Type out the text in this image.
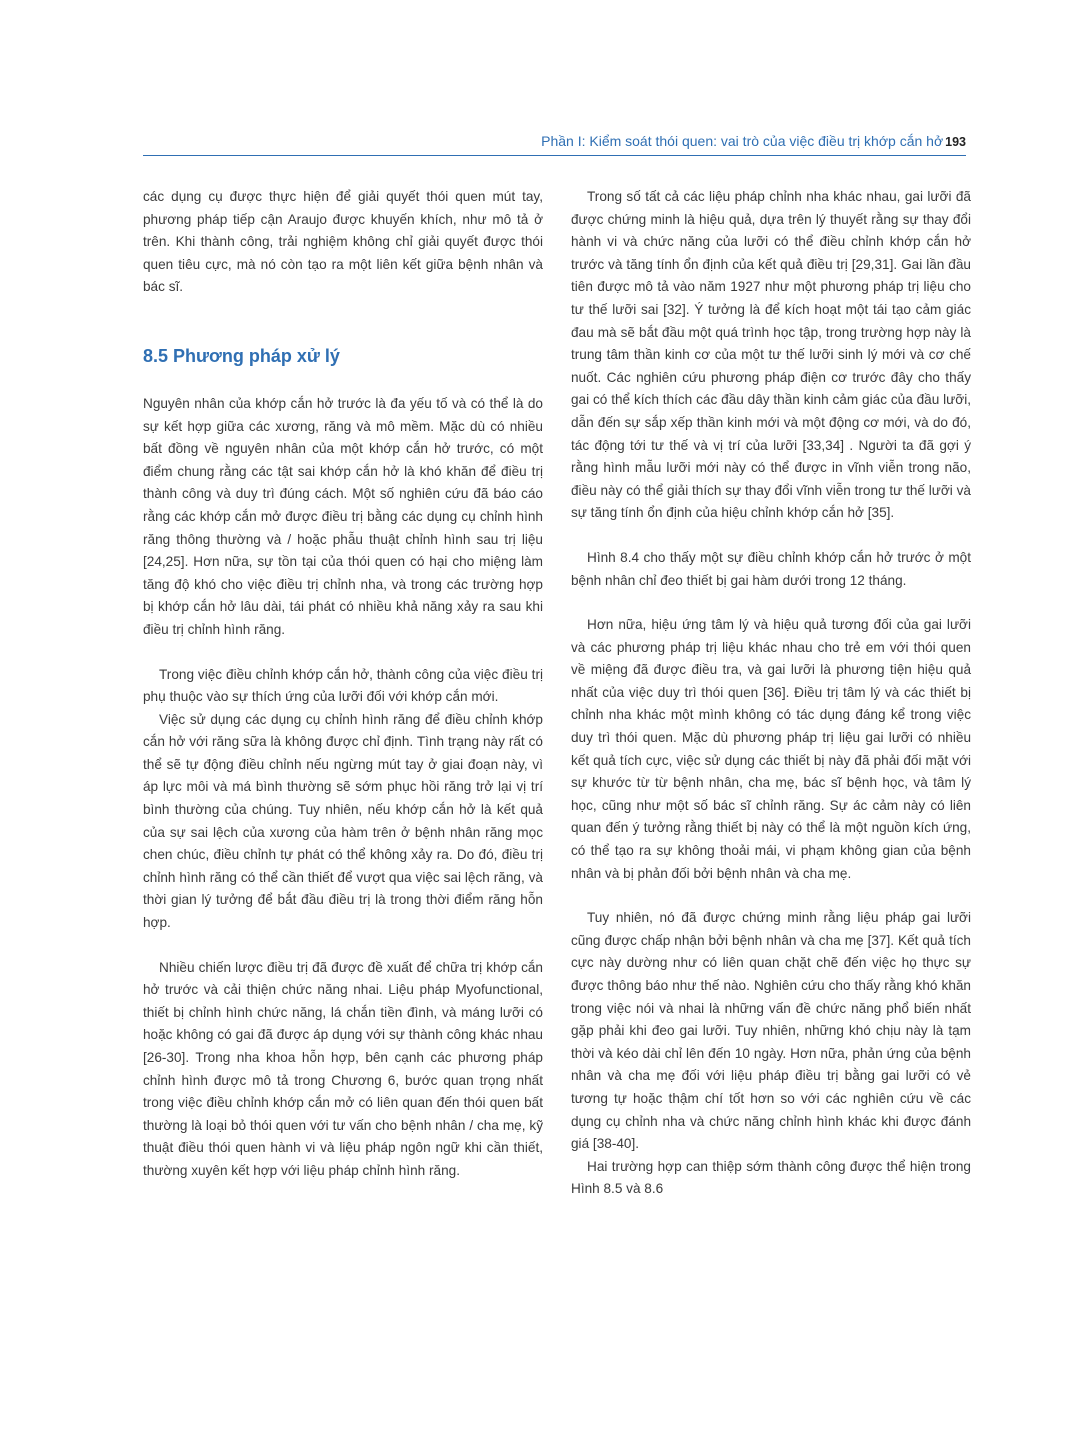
Phần I: Kiểm soát thói quen: vai trò của việc điều trị khớp cắn hở 193

các dụng cụ được thực hiện để giải quyết thói quen mút tay, phương pháp tiếp cận Araujo được khuyến khích, như mô tả ở trên. Khi thành công, trải nghiệm không chỉ giải quyết được thói quen tiêu cực, mà nó còn tạo ra một liên kết giữa bệnh nhân và bác sĩ.

8.5 Phương pháp xử lý

Nguyên nhân của khớp cắn hở trước là đa yếu tố và có thể là do sự kết hợp giữa các xương, răng và mô mềm. Mặc dù có nhiều bất đồng về nguyên nhân của một khớp cắn hở trước, có một điểm chung rằng các tật sai khớp cắn hở là khó khăn để điều trị thành công và duy trì đúng cách. Một số nghiên cứu đã báo cáo rằng các khớp cắn mở được điều trị bằng các dụng cụ chỉnh hình răng thông thường và / hoặc phẫu thuật chỉnh hình sau trị liệu [24,25]. Hơn nữa, sự tồn tại của thói quen có hại cho miệng làm tăng độ khó cho việc điều trị chỉnh nha, và trong các trường hợp bị khớp cắn hở lâu dài, tái phát có nhiều khả năng xảy ra sau khi điều trị chỉnh hình răng.

Trong việc điều chỉnh khớp cắn hở, thành công của việc điều trị phụ thuộc vào sự thích ứng của lưỡi đối với khớp cắn mới.

Việc sử dụng các dụng cụ chỉnh hình răng để điều chỉnh khớp cắn hở với răng sữa là không được chỉ định. Tình trạng này rất có thể sẽ tự động điều chỉnh nếu ngừng mút tay ở giai đoạn này, vì áp lực môi và má bình thường sẽ sớm phục hồi răng trở lại vị trí bình thường của chúng. Tuy nhiên, nếu khớp cắn hở là kết quả của sự sai lệch của xương của hàm trên ở bệnh nhân răng mọc chen chúc, điều chỉnh tự phát có thể không xảy ra. Do đó, điều trị chỉnh hình răng có thể cần thiết để vượt qua việc sai lệch răng, và thời gian lý tưởng để bắt đầu điều trị là trong thời điểm răng hỗn hợp.

Nhiều chiến lược điều trị đã được đề xuất để chữa trị khớp cắn hở trước và cải thiện chức năng nhai. Liệu pháp Myofunctional, thiết bị chỉnh hình chức năng, lá chắn tiền đình, và máng lưỡi có hoặc không có gai đã được áp dụng với sự thành công khác nhau [26-30]. Trong nha khoa hỗn hợp, bên cạnh các phương pháp chỉnh hình được mô tả trong Chương 6, bước quan trọng nhất trong việc điều chỉnh khớp cắn mở có liên quan đến thói quen bất thường là loại bỏ thói quen với tư vấn cho bệnh nhân / cha mẹ, kỹ thuật điều thói quen hành vi và liệu pháp ngôn ngữ khi cần thiết, thường xuyên kết hợp với liệu pháp chỉnh hình răng.

Trong số tất cả các liệu pháp chỉnh nha khác nhau, gai lưỡi đã được chứng minh là hiệu quả, dựa trên lý thuyết rằng sự thay đổi hành vi và chức năng của lưỡi có thể điều chỉnh khớp cắn hở trước và tăng tính ổn định của kết quả điều trị [29,31]. Gai lần đầu tiên được mô tả vào năm 1927 như một phương pháp trị liệu cho tư thế lưỡi sai [32]. Ý tưởng là để kích hoạt một tái tạo cảm giác đau mà sẽ bắt đầu một quá trình học tập, trong trường hợp này là trung tâm thần kinh cơ của một tư thế lưỡi sinh lý mới và cơ chế nuốt. Các nghiên cứu phương pháp điện cơ trước đây cho thấy gai có thể kích thích các đầu dây thần kinh cảm giác của đầu lưỡi, dẫn đến sự sắp xếp thần kinh mới và một động cơ mới, và do đó, tác động tới tư thế và vị trí của lưỡi [33,34] . Người ta đã gợi ý rằng hình mẫu lưỡi mới này có thể được in vĩnh viễn trong não, điều này có thể giải thích sự thay đổi vĩnh viễn trong tư thế lưỡi và sự tăng tính ổn định của hiệu chỉnh khớp cắn hở [35].

Hình 8.4 cho thấy một sự điều chỉnh khớp cắn hở trước ở một bệnh nhân chỉ đeo thiết bị gai hàm dưới trong 12 tháng.

Hơn nữa, hiệu ứng tâm lý và hiệu quả tương đối của gai lưỡi và các phương pháp trị liệu khác nhau cho trẻ em với thói quen về miệng đã được điều tra, và gai lưỡi là phương tiện hiệu quả nhất của việc duy trì thói quen [36]. Điều trị tâm lý và các thiết bị chỉnh nha khác một mình không có tác dụng đáng kể trong việc duy trì thói quen. Mặc dù phương pháp trị liệu gai lưỡi có nhiều kết quả tích cực, việc sử dụng các thiết bị này đã phải đối mặt với sự khước từ từ bệnh nhân, cha mẹ, bác sĩ bệnh học, và tâm lý học, cũng như một số bác sĩ chỉnh răng. Sự ác cảm này có liên quan đến ý tưởng rằng thiết bị này có thể là một nguồn kích ứng, có thể tạo ra sự không thoải mái, vi phạm không gian của bệnh nhân và bị phản đối bởi bệnh nhân và cha mẹ.

Tuy nhiên, nó đã được chứng minh rằng liệu pháp gai lưỡi cũng được chấp nhận bởi bệnh nhân và cha mẹ [37]. Kết quả tích cực này dường như có liên quan chặt chẽ đến việc họ thực sự được thông báo như thế nào. Nghiên cứu cho thấy rằng khó khăn trong việc nói và nhai là những vấn đề chức năng phổ biến nhất gặp phải khi đeo gai lưỡi. Tuy nhiên, những khó chịu này là tạm thời và kéo dài chỉ lên đến 10 ngày. Hơn nữa, phản ứng của bệnh nhân và cha mẹ đối với liệu pháp điều trị bằng gai lưỡi có vẻ tương tự hoặc thậm chí tốt hơn so với các nghiên cứu về các dụng cụ chỉnh nha và chức năng chỉnh hình khác khi được đánh giá [38-40].

Hai trường hợp can thiệp sớm thành công được thể hiện trong Hình 8.5 và 8.6
